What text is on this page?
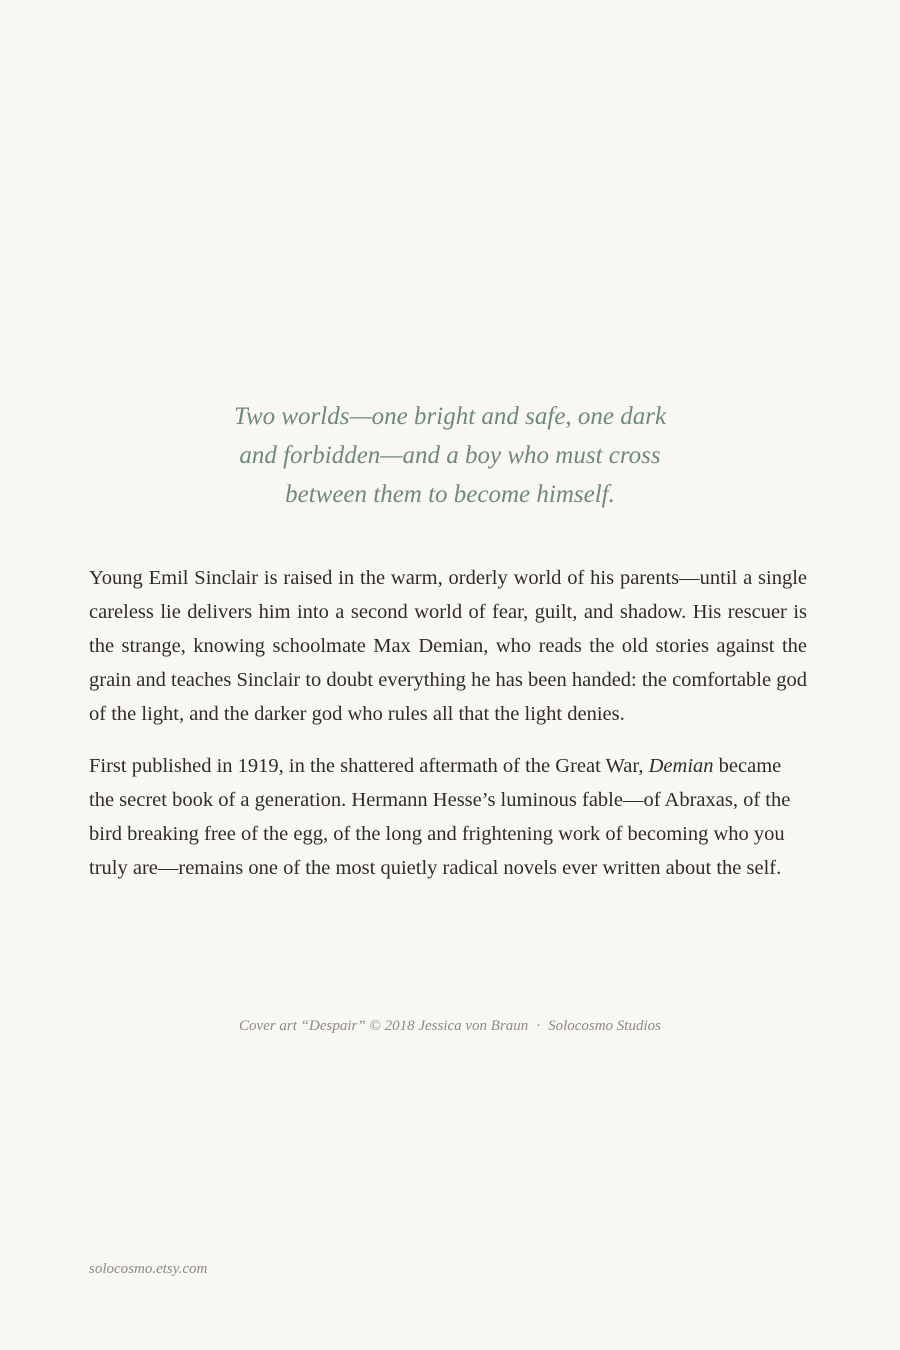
Two worlds—one bright and safe, one dark
and forbidden—and a boy who must cross
between them to become himself.

Young Emil Sinclair is raised in the warm, orderly world of his parents—until a single careless lie delivers him into a second world of fear, guilt, and shadow. His rescuer is the strange, knowing schoolmate Max Demian, who reads the old stories against the grain and teaches Sinclair to doubt everything he has been handed: the comfortable god of the light, and the darker god who rules all that the light denies.

First published in 1919, in the shattered aftermath of the Great War, Demian became the secret book of a generation. Hermann Hesse’s luminous fable—of Abraxas, of the bird breaking free of the egg, of the long and frightening work of becoming who you truly are—remains one of the most quietly radical novels ever written about the self.

Cover art “Despair” © 2018 Jessica von Braun · Solocosmo Studios
solocosmo.etsy.com
